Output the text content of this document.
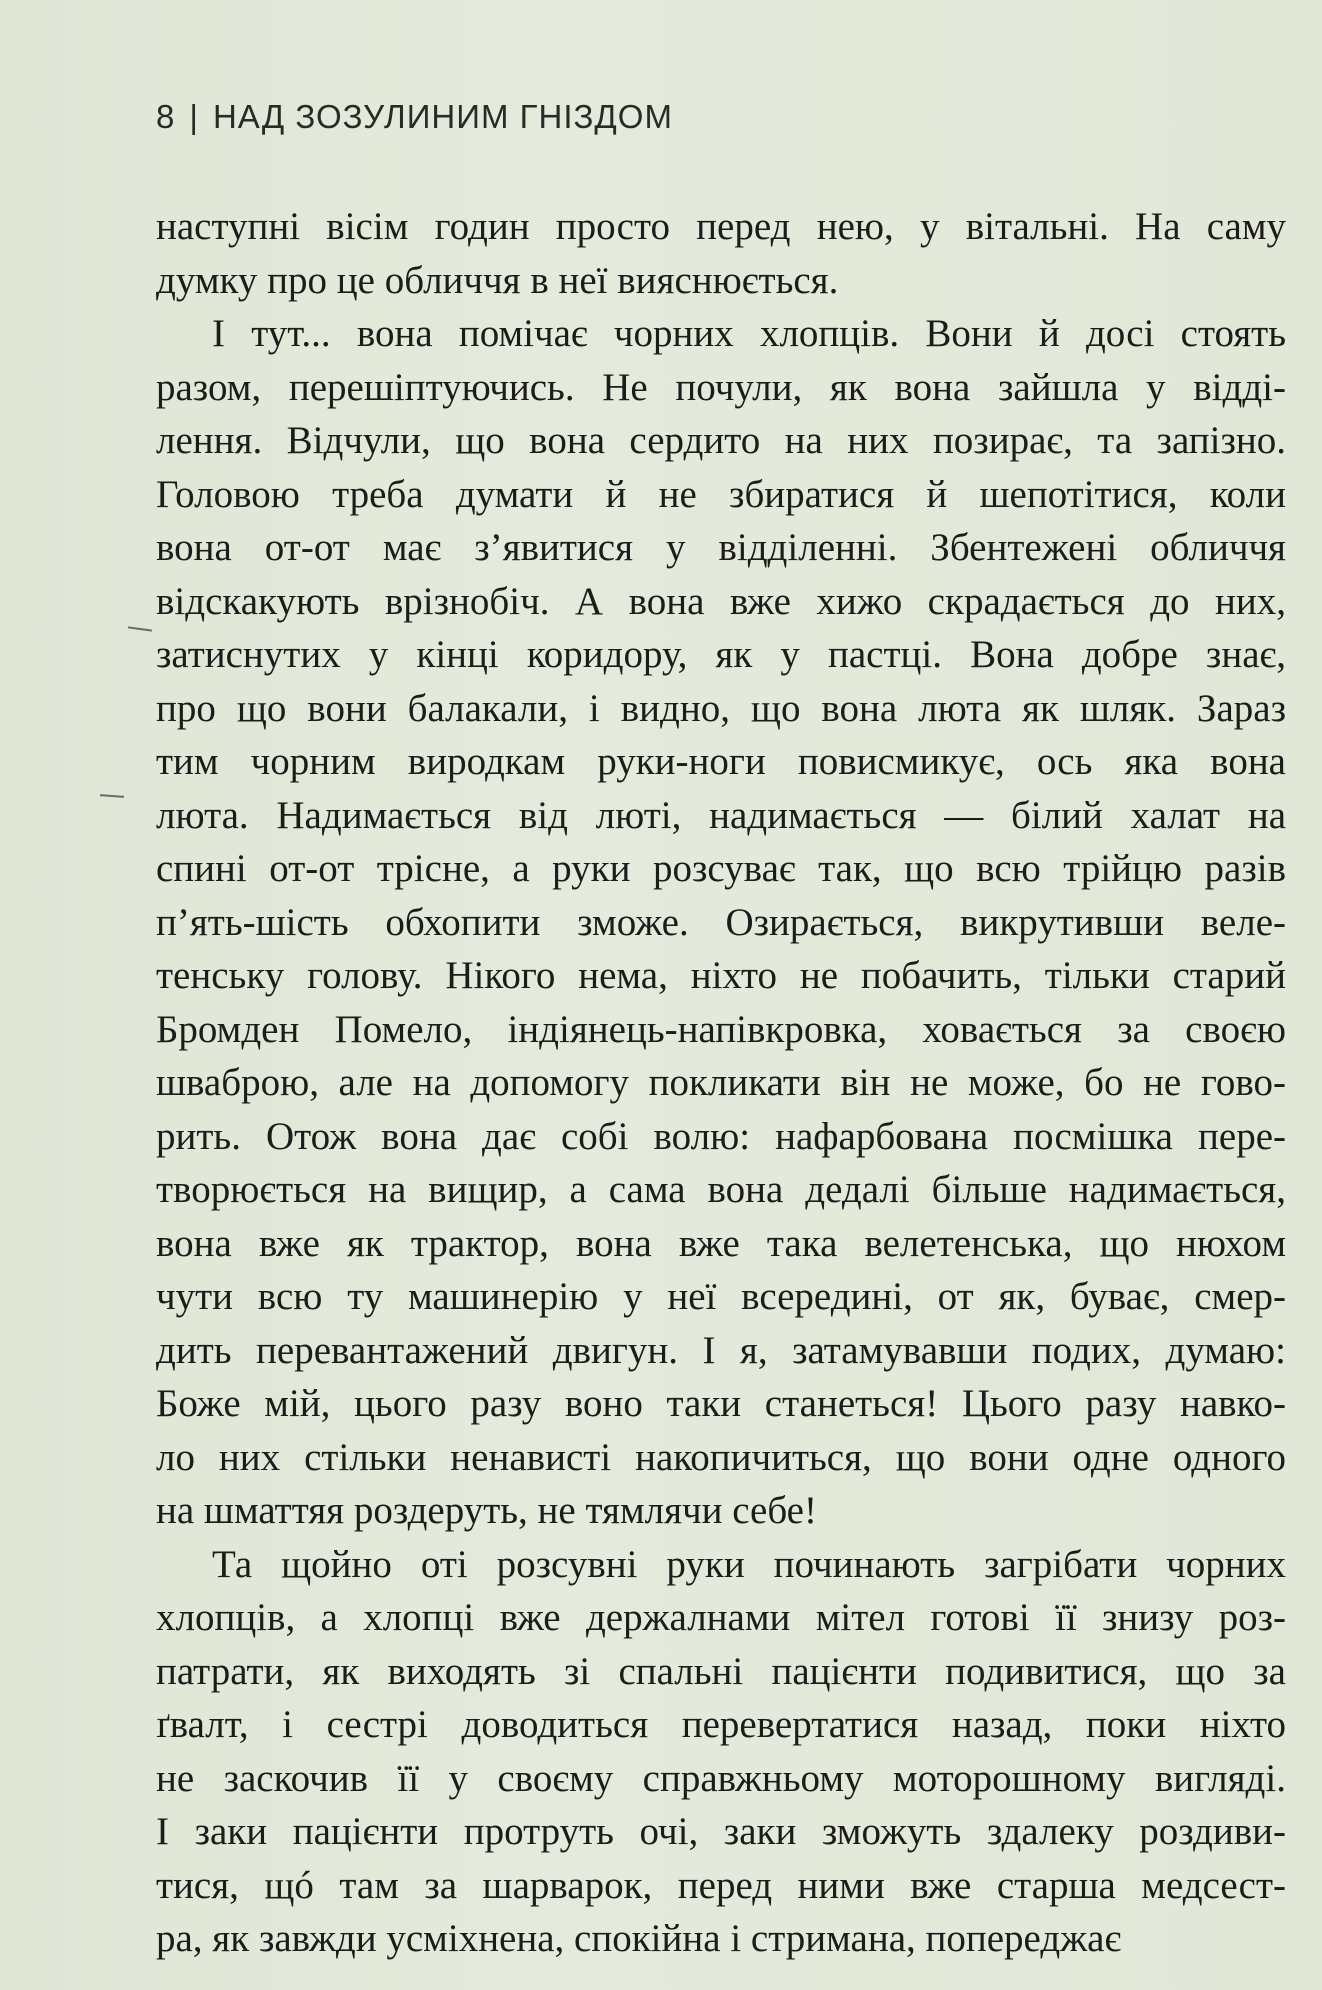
8 | НАД ЗОЗУЛИНИМ ГНІЗДОМ
наступні вісім годин просто перед нею, у вітальні. На саму
думку про це обличчя в неї вияснюється.
І тут... вона помічає чорних хлопців. Вони й досі стоять
разом, перешіптуючись. Не почули, як вона зайшла у відді-
лення. Відчули, що вона сердито на них позирає, та запізно.
Головою треба думати й не збиратися й шепотітися, коли
вона от-от має з’явитися у відділенні. Збентежені обличчя
відскакують врізнобіч. А вона вже хижо скрадається до них,
затиснутих у кінці коридору, як у пастці. Вона добре знає,
про що вони балакали, і видно, що вона люта як шляк. Зараз
тим чорним виродкам руки-ноги повисмикує, ось яка вона
люта. Надимається від люті, надимається — білий халат на
спині от-от трісне, а руки розсуває так, що всю трійцю разів
п’ять-шість обхопити зможе. Озирається, викрутивши веле-
тенську голову. Нікого нема, ніхто не побачить, тільки старий
Бромден Помело, індіянець-напівкровка, ховається за своєю
шваброю, але на допомогу покликати він не може, бо не гово-
рить. Отож вона дає собі волю: нафарбована посмішка пере-
творюється на вищир, а сама вона дедалі більше надимається,
вона вже як трактор, вона вже така велетенська, що нюхом
чути всю ту машинерію у неї всередині, от як, буває, смер-
дить перевантажений двигун. І я, затамувавши подих, думаю:
Боже мій, цього разу воно таки станеться! Цього разу навко-
ло них стільки ненависті накопичиться, що вони одне одного
на шматтяя роздеруть, не тямлячи себе!
Та щойно оті розсувні руки починають загрібати чорних
хлопців, а хлопці вже держалнами мітел готові її знизу роз-
патрати, як виходять зі спальні пацієнти подивитися, що за
ґвалт, і сестрі доводиться перевертатися назад, поки ніхто
не заскочив її у своєму справжньому моторошному вигляді.
І заки пацієнти протруть очі, заки зможуть здалеку роздиви-
тися, щó там за шарварок, перед ними вже старша медсест-
ра, як завжди усміхнена, спокійна і стримана, попереджає
